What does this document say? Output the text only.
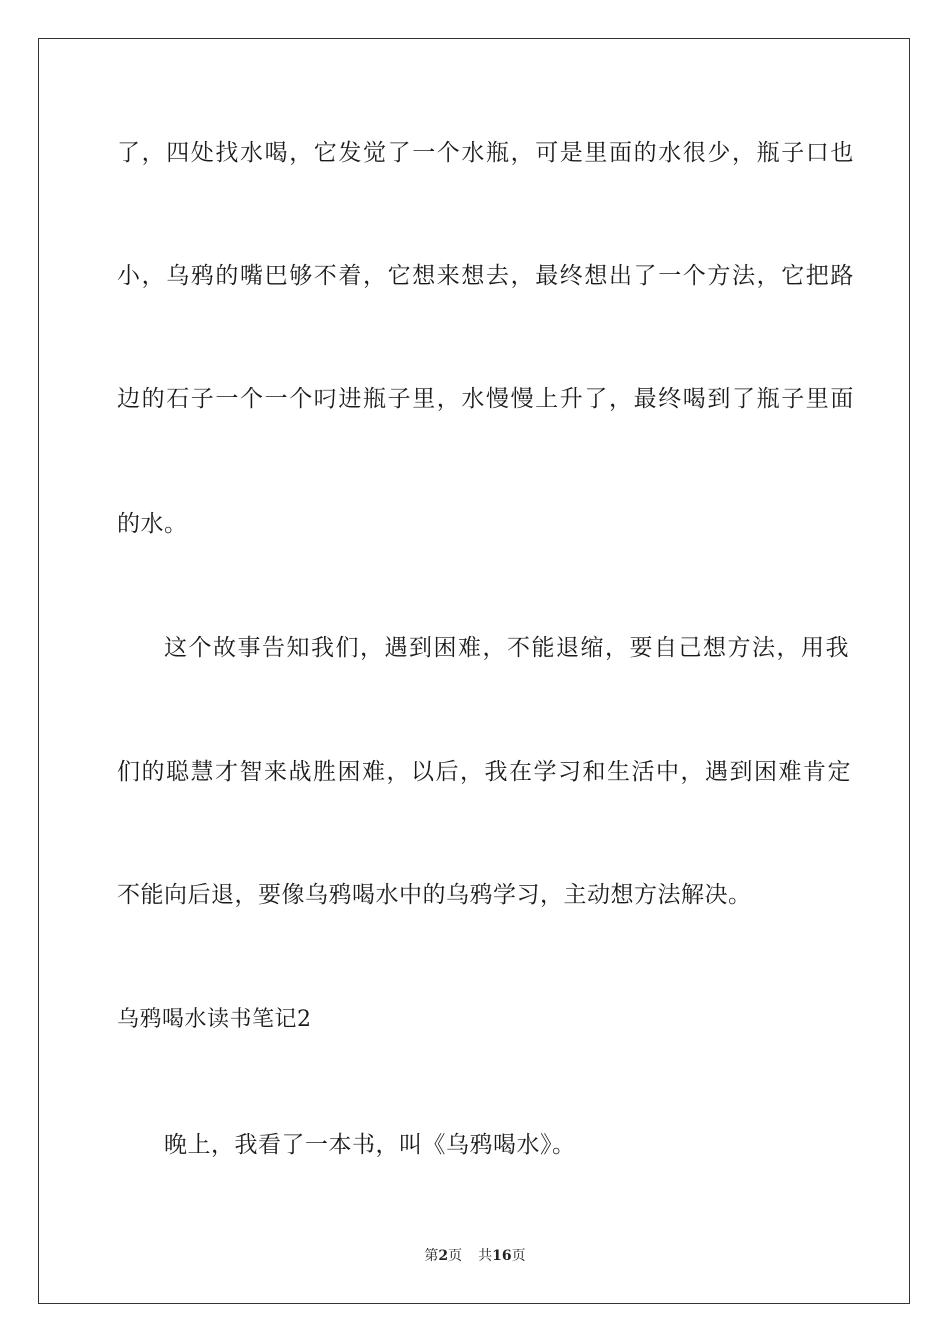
了，四处找水喝，它发觉了一个水瓶，可是里面的水很少，瓶子口也
小，乌鸦的嘴巴够不着，它想来想去，最终想出了一个方法，它把路
边的石子一个一个叼进瓶子里，水慢慢上升了，最终喝到了瓶子里面
的水。
这个故事告知我们，遇到困难，不能退缩，要自己想方法，用我
们的聪慧才智来战胜困难，以后，我在学习和生活中，遇到困难肯定
不能向后退，要像乌鸦喝水中的乌鸦学习，主动想方法解决。
乌鸦喝水读书笔记2
晚上，我看了一本书，叫《乌鸦喝水》。
第2页 共16页
